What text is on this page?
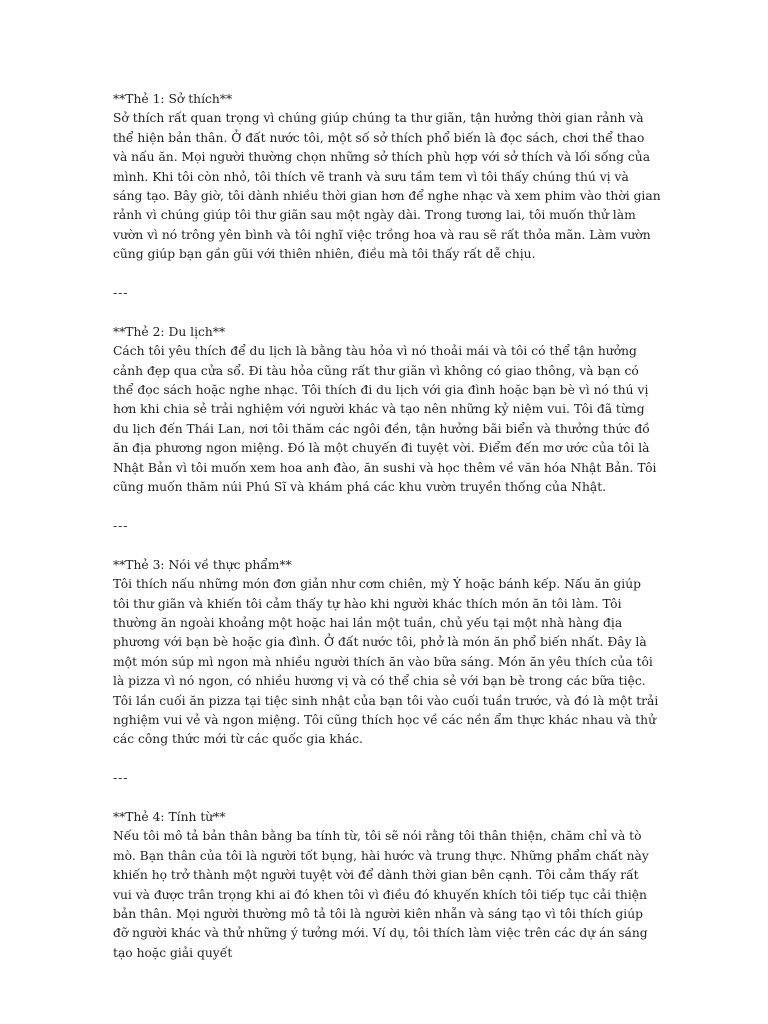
**Thẻ 1: Sở thích**
Sở thích rất quan trọng vì chúng giúp chúng ta thư giãn, tận hưởng thời gian rảnh và thể hiện bản thân. Ở đất nước tôi, một số sở thích phổ biến là đọc sách, chơi thể thao và nấu ăn. Mọi người thường chọn những sở thích phù hợp với sở thích và lối sống của mình. Khi tôi còn nhỏ, tôi thích vẽ tranh và sưu tầm tem vì tôi thấy chúng thú vị và sáng tạo. Bây giờ, tôi dành nhiều thời gian hơn để nghe nhạc và xem phim vào thời gian rảnh vì chúng giúp tôi thư giãn sau một ngày dài. Trong tương lai, tôi muốn thử làm vườn vì nó trông yên bình và tôi nghĩ việc trồng hoa và rau sẽ rất thỏa mãn. Làm vườn cũng giúp bạn gần gũi với thiên nhiên, điều mà tôi thấy rất dễ chịu.
---
**Thẻ 2: Du lịch**
Cách tôi yêu thích để du lịch là bằng tàu hỏa vì nó thoải mái và tôi có thể tận hưởng cảnh đẹp qua cửa sổ. Đi tàu hỏa cũng rất thư giãn vì không có giao thông, và bạn có thể đọc sách hoặc nghe nhạc. Tôi thích đi du lịch với gia đình hoặc bạn bè vì nó thú vị hơn khi chia sẻ trải nghiệm với người khác và tạo nên những kỷ niệm vui. Tôi đã từng du lịch đến Thái Lan, nơi tôi thăm các ngôi đền, tận hưởng bãi biển và thưởng thức đồ ăn địa phương ngon miệng. Đó là một chuyến đi tuyệt vời. Điểm đến mơ ước của tôi là Nhật Bản vì tôi muốn xem hoa anh đào, ăn sushi và học thêm về văn hóa Nhật Bản. Tôi cũng muốn thăm núi Phú Sĩ và khám phá các khu vườn truyền thống của Nhật.
---
**Thẻ 3: Nói về thực phẩm**
Tôi thích nấu những món đơn giản như cơm chiên, mỳ Ý hoặc bánh kếp. Nấu ăn giúp tôi thư giãn và khiến tôi cảm thấy tự hào khi người khác thích món ăn tôi làm. Tôi thường ăn ngoài khoảng một hoặc hai lần một tuần, chủ yếu tại một nhà hàng địa phương với bạn bè hoặc gia đình. Ở đất nước tôi, phở là món ăn phổ biến nhất. Đây là một món súp mì ngon mà nhiều người thích ăn vào bữa sáng. Món ăn yêu thích của tôi là pizza vì nó ngon, có nhiều hương vị và có thể chia sẻ với bạn bè trong các bữa tiệc. Tôi lần cuối ăn pizza tại tiệc sinh nhật của bạn tôi vào cuối tuần trước, và đó là một trải nghiệm vui vẻ và ngon miệng. Tôi cũng thích học về các nền ẩm thực khác nhau và thử các công thức mới từ các quốc gia khác.
---
**Thẻ 4: Tính từ**
Nếu tôi mô tả bản thân bằng ba tính từ, tôi sẽ nói rằng tôi thân thiện, chăm chỉ và tò mò. Bạn thân của tôi là người tốt bụng, hài hước và trung thực. Những phẩm chất này khiến họ trở thành một người tuyệt vời để dành thời gian bên cạnh. Tôi cảm thấy rất vui và được trân trọng khi ai đó khen tôi vì điều đó khuyến khích tôi tiếp tục cải thiện bản thân. Mọi người thường mô tả tôi là người kiên nhẫn và sáng tạo vì tôi thích giúp đỡ người khác và thử những ý tưởng mới. Ví dụ, tôi thích làm việc trên các dự án sáng tạo hoặc giải quyết
